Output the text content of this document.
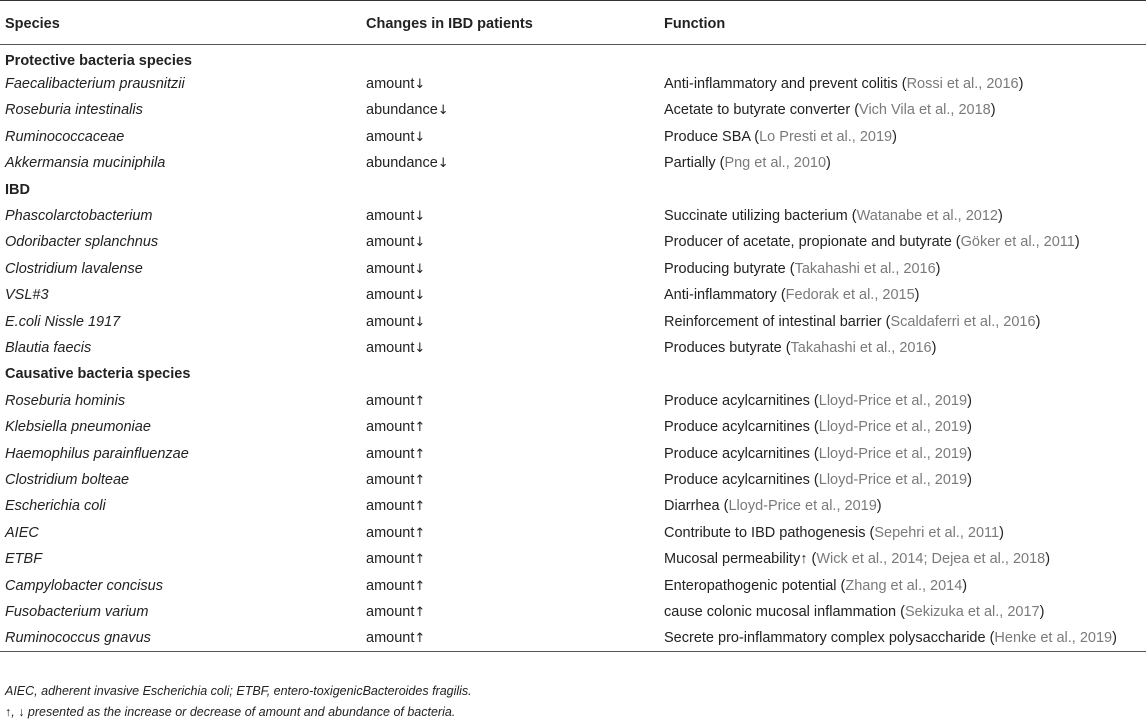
Species	Changes in IBD patients	Function
Protective bacteria species		
Faecalibacterium prausnitzii	amount↓	Anti-inflammatory and prevent colitis (Rossi et al., 2016)
Roseburia intestinalis	abundance↓	Acetate to butyrate converter (Vich Vila et al., 2018)
Ruminococcaceae	amount↓	Produce SBA (Lo Presti et al., 2019)
Akkermansia muciniphila	abundance↓	Partially (Png et al., 2010)
IBD		
Phascolarctobacterium	amount↓	Succinate utilizing bacterium (Watanabe et al., 2012)
Odoribacter splanchnus	amount↓	Producer of acetate, propionate and butyrate (Göker et al., 2011)
Clostridium lavalense	amount↓	Producing butyrate (Takahashi et al., 2016)
VSL#3	amount↓	Anti-inflammatory (Fedorak et al., 2015)
E.coli Nissle 1917	amount↓	Reinforcement of intestinal barrier (Scaldaferri et al., 2016)
Blautia faecis	amount↓	Produces butyrate (Takahashi et al., 2016)
Causative bacteria species		
Roseburia hominis	amount↑	Produce acylcarnitines (Lloyd-Price et al., 2019)
Klebsiella pneumoniae	amount↑	Produce acylcarnitines (Lloyd-Price et al., 2019)
Haemophilus parainfluenzae	amount↑	Produce acylcarnitines (Lloyd-Price et al., 2019)
Clostridium bolteae	amount↑	Produce acylcarnitines (Lloyd-Price et al., 2019)
Escherichia coli	amount↑	Diarrhea (Lloyd-Price et al., 2019)
AIEC	amount↑	Contribute to IBD pathogenesis (Sepehri et al., 2011)
ETBF	amount↑	Mucosal permeability↑ (Wick et al., 2014; Dejea et al., 2018)
Campylobacter concisus	amount↑	Enteropathogenic potential (Zhang et al., 2014)
Fusobacterium varium	amount↑	cause colonic mucosal inflammation (Sekizuka et al., 2017)
Ruminococcus gnavus	amount↑	Secrete pro-inflammatory complex polysaccharide (Henke et al., 2019)
AIEC, adherent invasive Escherichia coli; ETBF, entero-toxigenicBacteroides fragilis.
↑, ↓ presented as the increase or decrease of amount and abundance of bacteria.
